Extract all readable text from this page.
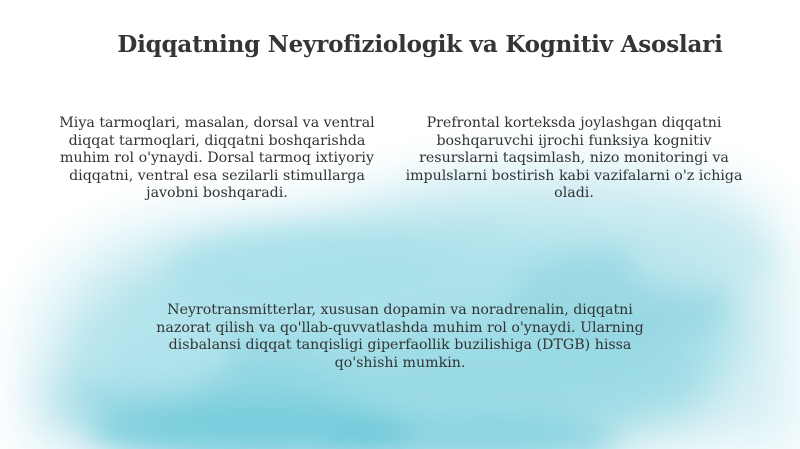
Diqqatning Neyrofiziologik va Kognitiv Asoslari
Miya tarmoqlari, masalan, dorsal va ventral diqqat tarmoqlari, diqqatni boshqarishda muhim rol o'ynaydi. Dorsal tarmoq ixtiyoriy diqqatni, ventral esa sezilarli stimullarga javobni boshqaradi.
Prefrontal korteksda joylashgan diqqatni boshqaruvchi ijrochi funksiya kognitiv resurslarni taqsimlash, nizo monitoringi va impulslarni bostirish kabi vazifalarni o'z ichiga oladi.
Neyrotransmitterlar, xususan dopamin va noradrenalin, diqqatni nazorat qilish va qo'llab-quvvatlashda muhim rol o'ynaydi. Ularning disbalansi diqqat tanqisligi giperfaollik buzilishiga (DTGB) hissa qo'shishi mumkin.
